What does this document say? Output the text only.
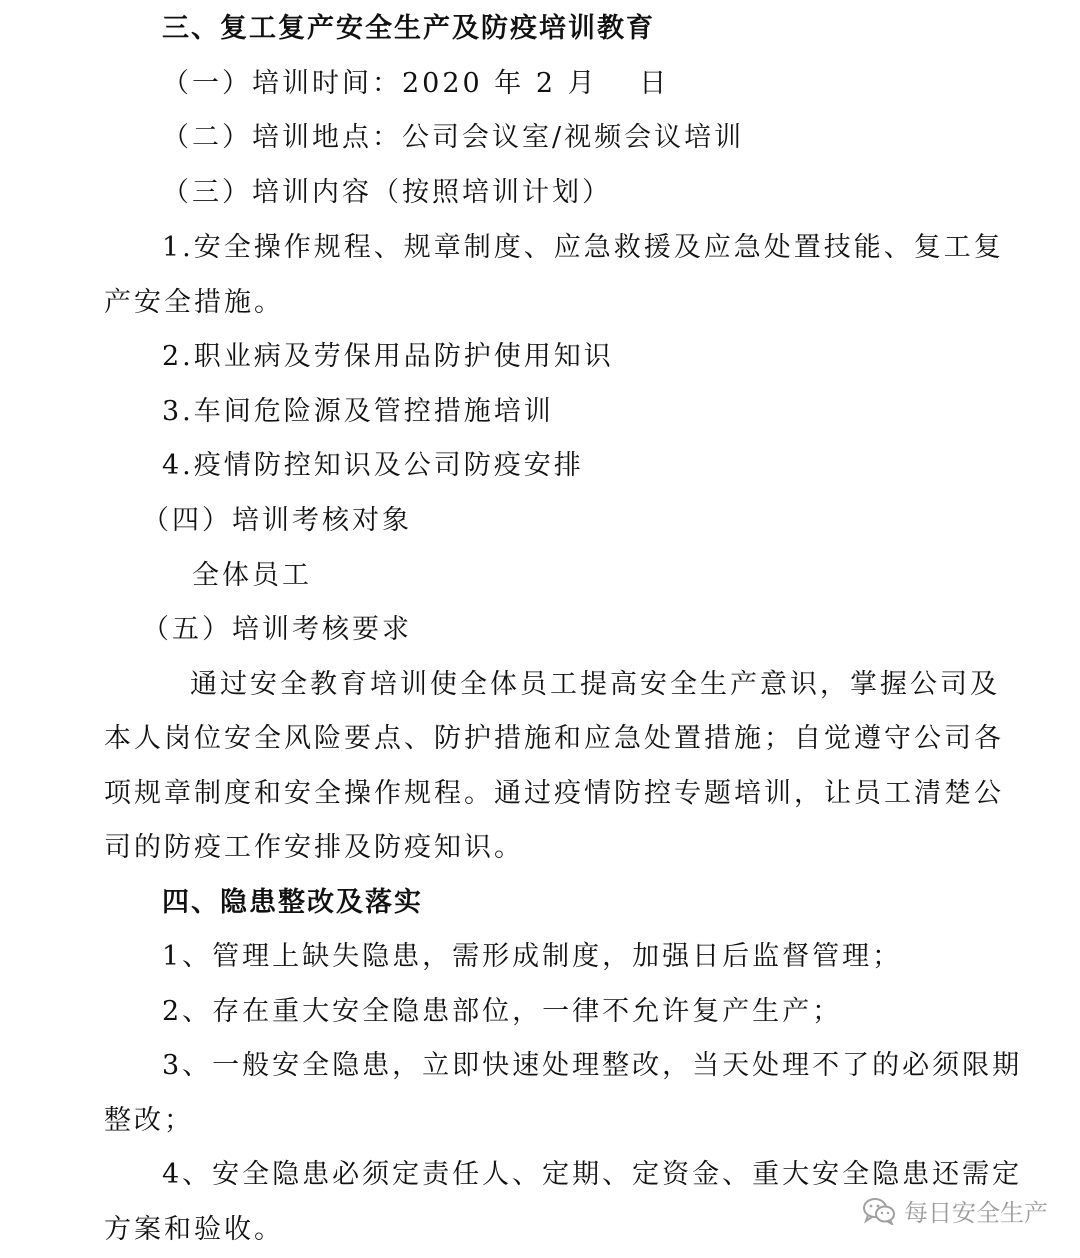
三、复工复产安全生产及防疫培训教育
（一）培训时间：2020 年 2 月　 日
（二）培训地点：公司会议室/视频会议培训
（三）培训内容（按照培训计划）
1.安全操作规程、规章制度、应急救援及应急处置技能、复工复
产安全措施。
2.职业病及劳保用品防护使用知识
3.车间危险源及管控措施培训
4.疫情防控知识及公司防疫安排
（四）培训考核对象
全体员工
（五）培训考核要求
通过安全教育培训使全体员工提高安全生产意识，掌握公司及
本人岗位安全风险要点、防护措施和应急处置措施；自觉遵守公司各
项规章制度和安全操作规程。通过疫情防控专题培训，让员工清楚公
司的防疫工作安排及防疫知识。
四、隐患整改及落实
1、管理上缺失隐患，需形成制度，加强日后监督管理；
2、存在重大安全隐患部位，一律不允许复产生产；
3、一般安全隐患，立即快速处理整改，当天处理不了的必须限期
整改；
4、安全隐患必须定责任人、定期、定资金、重大安全隐患还需定
方案和验收。
每日安全生产
